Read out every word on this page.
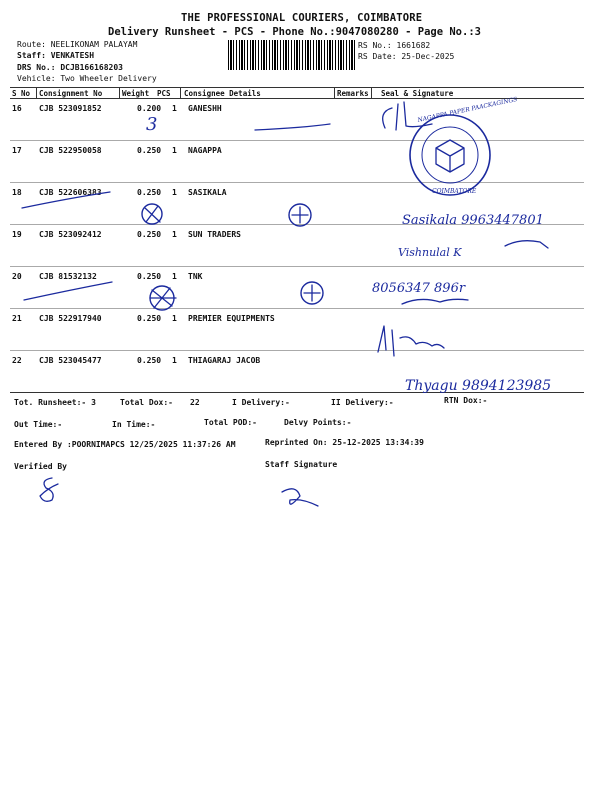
THE PROFESSIONAL COURIERS, COIMBATORE
Delivery Runsheet - PCS - Phone No.:9047080280 - Page No.:3
Route: NEELIKONAM PALAYAM
Staff: VENKATESH
DRS No.: DCJB166168203
Vehicle: Two Wheeler Delivery
RS No.: 1661682
RS Date: 25-Dec-2025
S No Consignment No	Weight PCS Consignee Details	Remarks Seal & Signature
16 CJB 523091852	0.200 1 GANESHH
17 CJB 522950058	0.250 1 NAGAPPA
18 CJB 522606383	0.250 1 SASIKALA
19 CJB 523092412	0.250 1 SUN TRADERS
20 CJB 81532132	0.250 1 TNK
21 CJB 522917940	0.250 1 PREMIER EQUIPMENTS
22 CJB 523045477	0.250 1 THIAGARAJ JACOB
Tot. Runsheet:- 3	Total Dox:- 22	I Delivery:-	II Delivery:-	RTN Dox:-
Out Time:-	In Time:-	Total POD:-	Delvy Points:-
Entered By :POORNIMAPCS 12/25/2025 11:37:26 AM	Reprinted On: 25-12-2025 13:34:39
Verified By	Staff Signature
3
NAGAPPA PAPER PAACKAGINGS
COIMBATORE
Sasikala 9963447801
Vishnulal K
8056347 896r
Thyagu 9894123985
